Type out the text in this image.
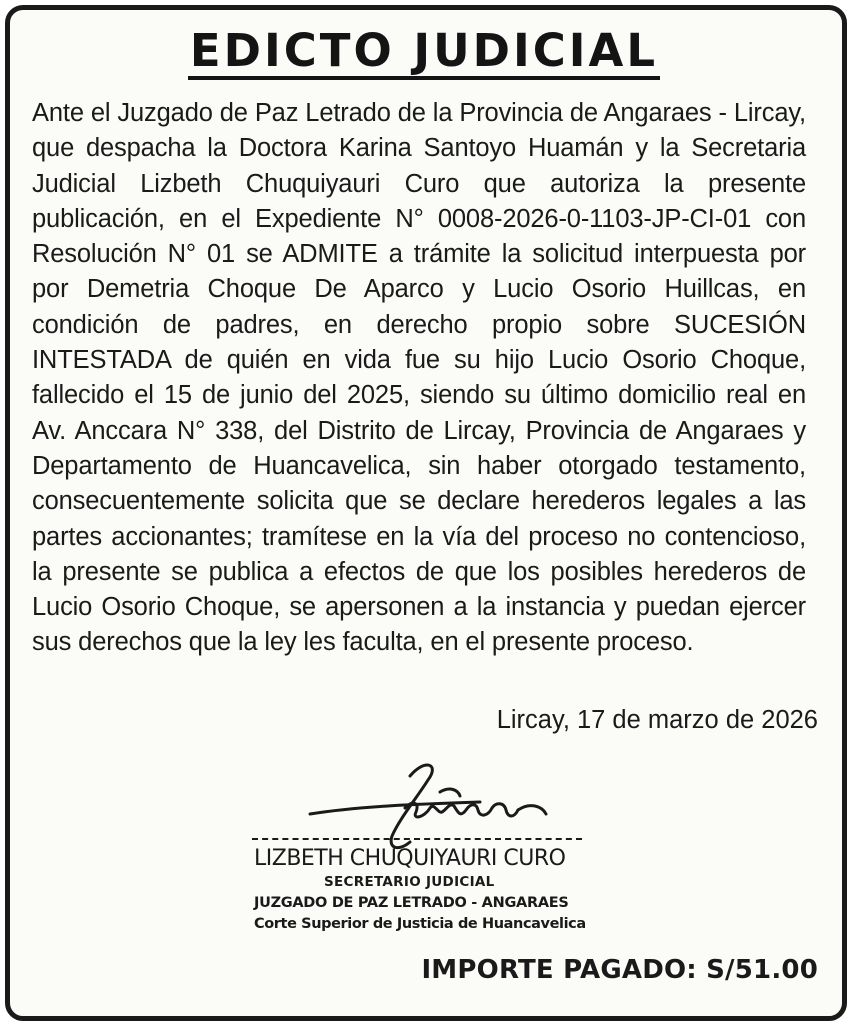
EDICTO JUDICIAL
Ante el Juzgado de Paz Letrado de la Provincia de Angaraes - Lircay, que despacha la Doctora Karina Santoyo Huamán y la Secretaria Judicial Lizbeth Chuquiyauri Curo que autoriza la presente publicación, en el Expediente N° 0008-2026-0-1103-JP-CI-01 con Resolución N° 01 se ADMITE a trámite la solicitud interpuesta por por Demetria Choque De Aparco y Lucio Osorio Huillcas, en condición de padres, en derecho propio sobre SUCESIÓN INTESTADA de quién en vida fue su hijo Lucio Osorio Choque, fallecido el 15 de junio del 2025, siendo su último domicilio real en Av. Anccara N° 338, del Distrito de Lircay, Provincia de Angaraes y Departamento de Huancavelica, sin haber otorgado testamento, consecuentemente solicita que se declare herederos legales a las partes accionantes; tramítese en la vía del proceso no contencioso, la presente se publica a efectos de que los posibles herederos de Lucio Osorio Choque, se apersonen a la instancia y puedan ejercer sus derechos que la ley les faculta, en el presente proceso.
Lircay, 17 de marzo de 2026
LIZBETH CHUQUIYAURI CURO
SECRETARIO JUDICIAL
JUZGADO DE PAZ LETRADO - ANGARAES
Corte Superior de Justicia de Huancavelica
IMPORTE PAGADO: S/51.00
